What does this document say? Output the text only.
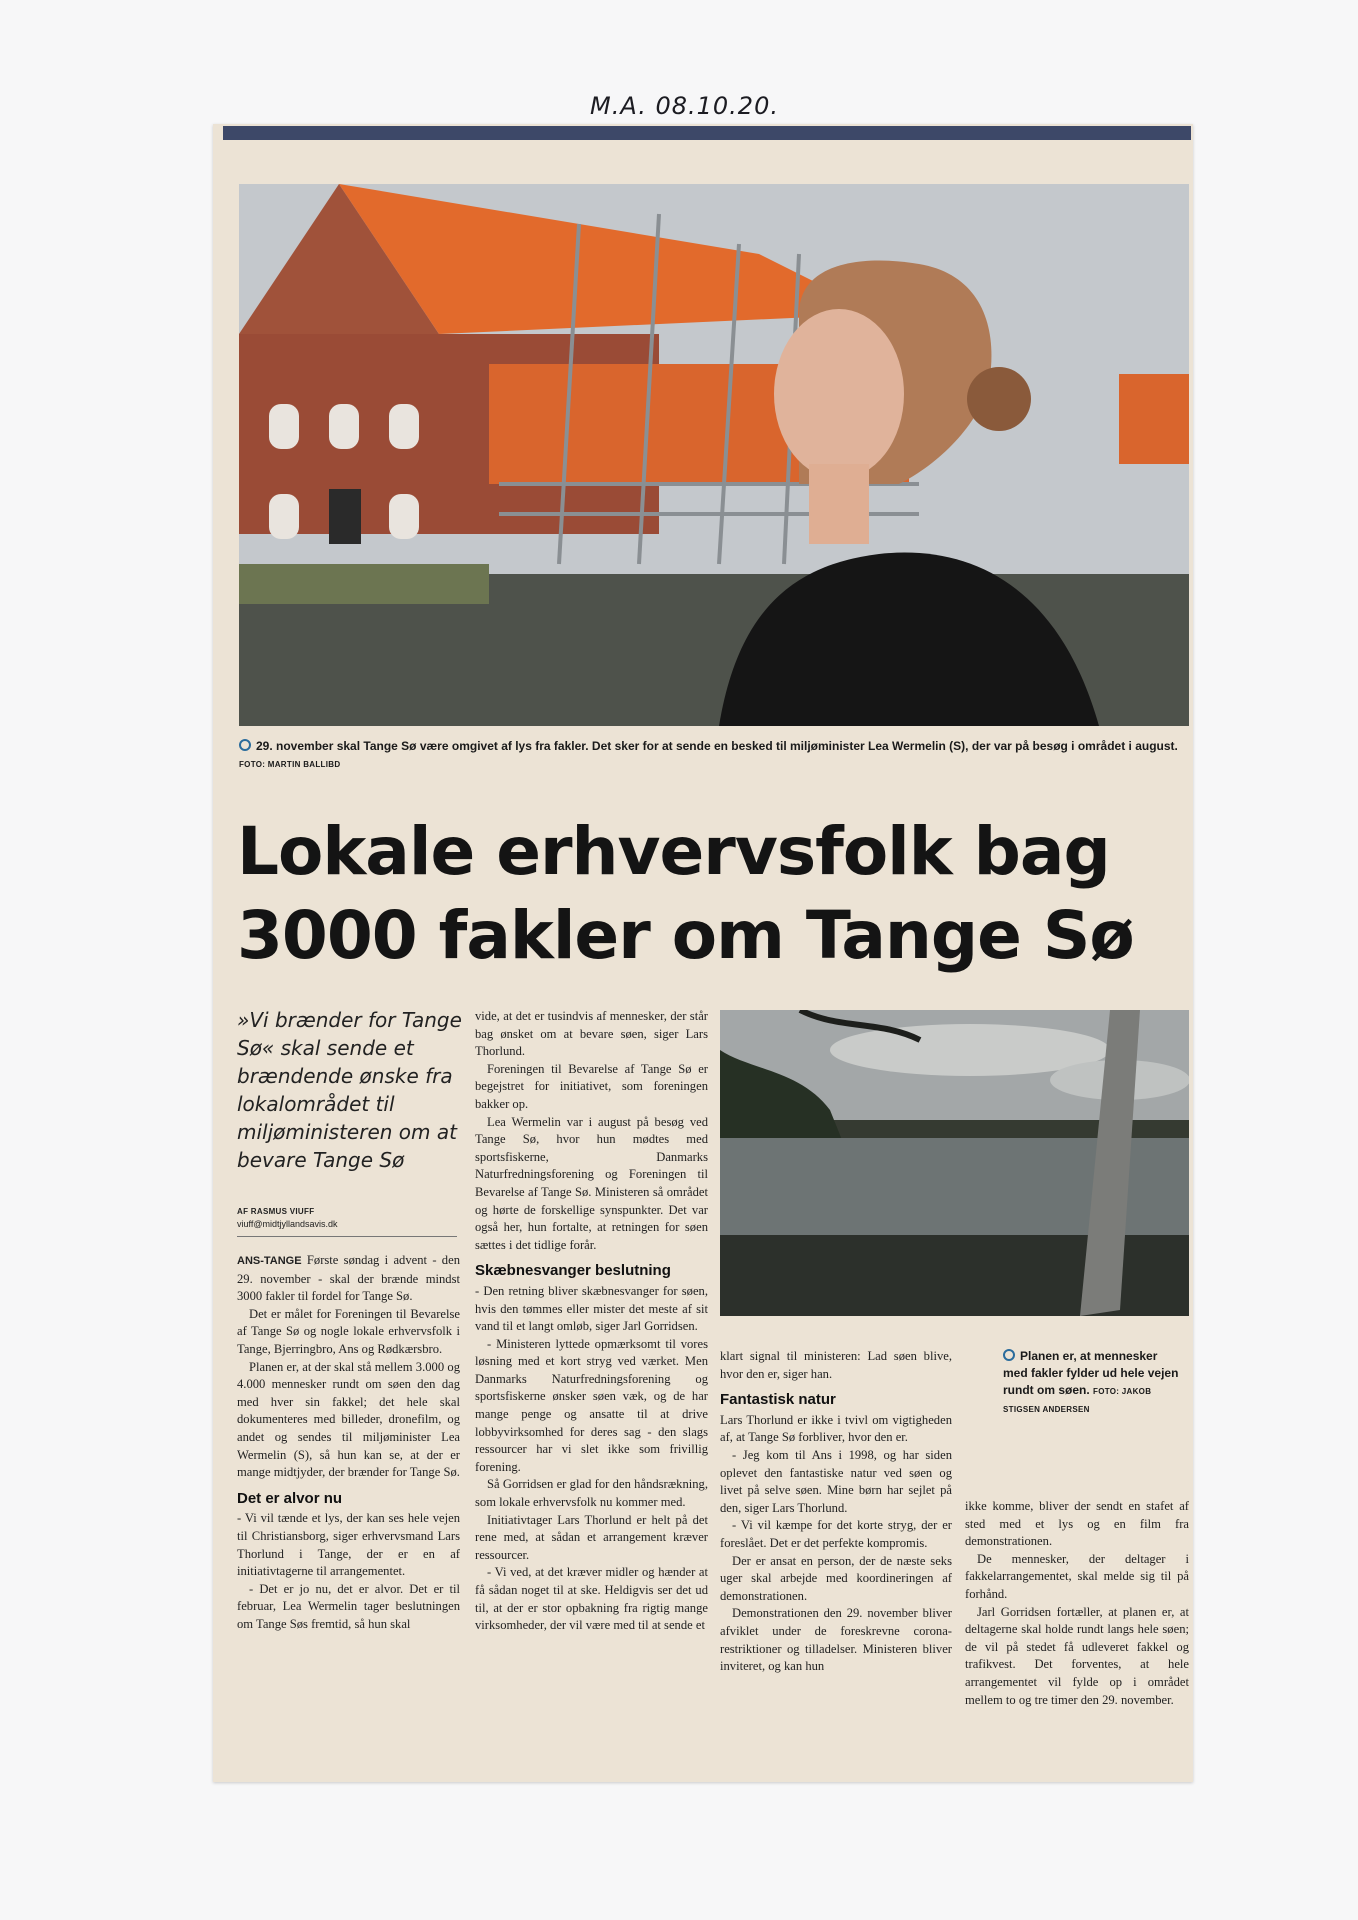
M.A. 08.10.20.
29. november skal Tange Sø være omgivet af lys fra fakler. Det sker for at sende en besked til miljøminister Lea Wermelin (S), der var på besøg i området i august. FOTO: MARTIN BALLIBD
Lokale erhvervsfolk bag
3000 fakler om Tange Sø
»Vi brænder for Tange Sø« skal sende et brændende ønske fra lokalområdet til miljøministeren om at bevare Tange Sø
AF RASMUS VIUFF
viuff@midtjyllandsavis.dk

ANS-TANGE Første søndag i advent - den 29. november - skal der brænde mindst 3000 fakler til fordel for Tange Sø.

Det er målet for Foreningen til Bevarelse af Tange Sø og nogle lokale erhvervsfolk i Tange, Bjerringbro, Ans og Rødkærsbro.

Planen er, at der skal stå mellem 3.000 og 4.000 mennesker rundt om søen den dag med hver sin fakkel; det hele skal dokumenteres med billeder, dronefilm, og andet og sendes til miljøminister Lea Wermelin (S), så hun kan se, at der er mange midtjyder, der brænder for Tange Sø.

Det er alvor nu

- Vi vil tænde et lys, der kan ses hele vejen til Christiansborg, siger erhvervsmand Lars Thorlund i Tange, der er en af initiativtagerne til arrangementet.

- Det er jo nu, det er alvor. Det er til februar, Lea Wermelin tager beslutningen om Tange Søs fremtid, så hun skal

vide, at det er tusindvis af mennesker, der står bag ønsket om at bevare søen, siger Lars Thorlund.

Foreningen til Bevarelse af Tange Sø er begejstret for initiativet, som foreningen bakker op.

Lea Wermelin var i august på besøg ved Tange Sø, hvor hun mødtes med sportsfiskerne, Danmarks Naturfredningsforening og Foreningen til Bevarelse af Tange Sø. Ministeren så området og hørte de forskellige synspunkter. Det var også her, hun fortalte, at retningen for søen sættes i det tidlige forår.

Skæbnesvanger beslutning

- Den retning bliver skæbnesvanger for søen, hvis den tømmes eller mister det meste af sit vand til et langt omløb, siger Jarl Gorridsen.

- Ministeren lyttede opmærksomt til vores løsning med et kort stryg ved værket. Men Danmarks Naturfredningsforening og sportsfiskerne ønsker søen væk, og de har mange penge og ansatte til at drive lobbyvirksomhed for deres sag - den slags ressourcer har vi slet ikke som frivillig forening.

Så Gorridsen er glad for den håndsrækning, som lokale erhvervsfolk nu kommer med.

Initiativtager Lars Thorlund er helt på det rene med, at sådan et arrangement kræver ressourcer.

- Vi ved, at det kræver midler og hænder at få sådan noget til at ske. Heldigvis ser det ud til, at der er stor opbakning fra rigtig mange virksomheder, der vil være med til at sende et

klart signal til ministeren: Lad søen blive, hvor den er, siger han.

Fantastisk natur

Lars Thorlund er ikke i tvivl om vigtigheden af, at Tange Sø forbliver, hvor den er.

- Jeg kom til Ans i 1998, og har siden oplevet den fantastiske natur ved søen og livet på selve søen. Mine børn har sejlet på den, siger Lars Thorlund.

- Vi vil kæmpe for det korte stryg, der er foreslået. Det er det perfekte kompromis.

Der er ansat en person, der de næste seks uger skal arbejde med koordineringen af demonstrationen.

Demonstrationen den 29. november bliver afviklet under de foreskrevne corona-restriktioner og tilladelser. Ministeren bliver inviteret, og kan hun

Planen er, at mennesker med fakler fylder ud hele vejen rundt om søen. FOTO: JAKOB STIGSEN ANDERSEN

ikke komme, bliver der sendt en stafet af sted med et lys og en film fra demonstrationen.

De mennesker, der deltager i fakkelarrangementet, skal melde sig til på forhånd.

Jarl Gorridsen fortæller, at planen er, at deltagerne skal holde rundt langs hele søen; de vil på stedet få udleveret fakkel og trafikvest. Det forventes, at hele arrangementet vil fylde op i området mellem to og tre timer den 29. november.
